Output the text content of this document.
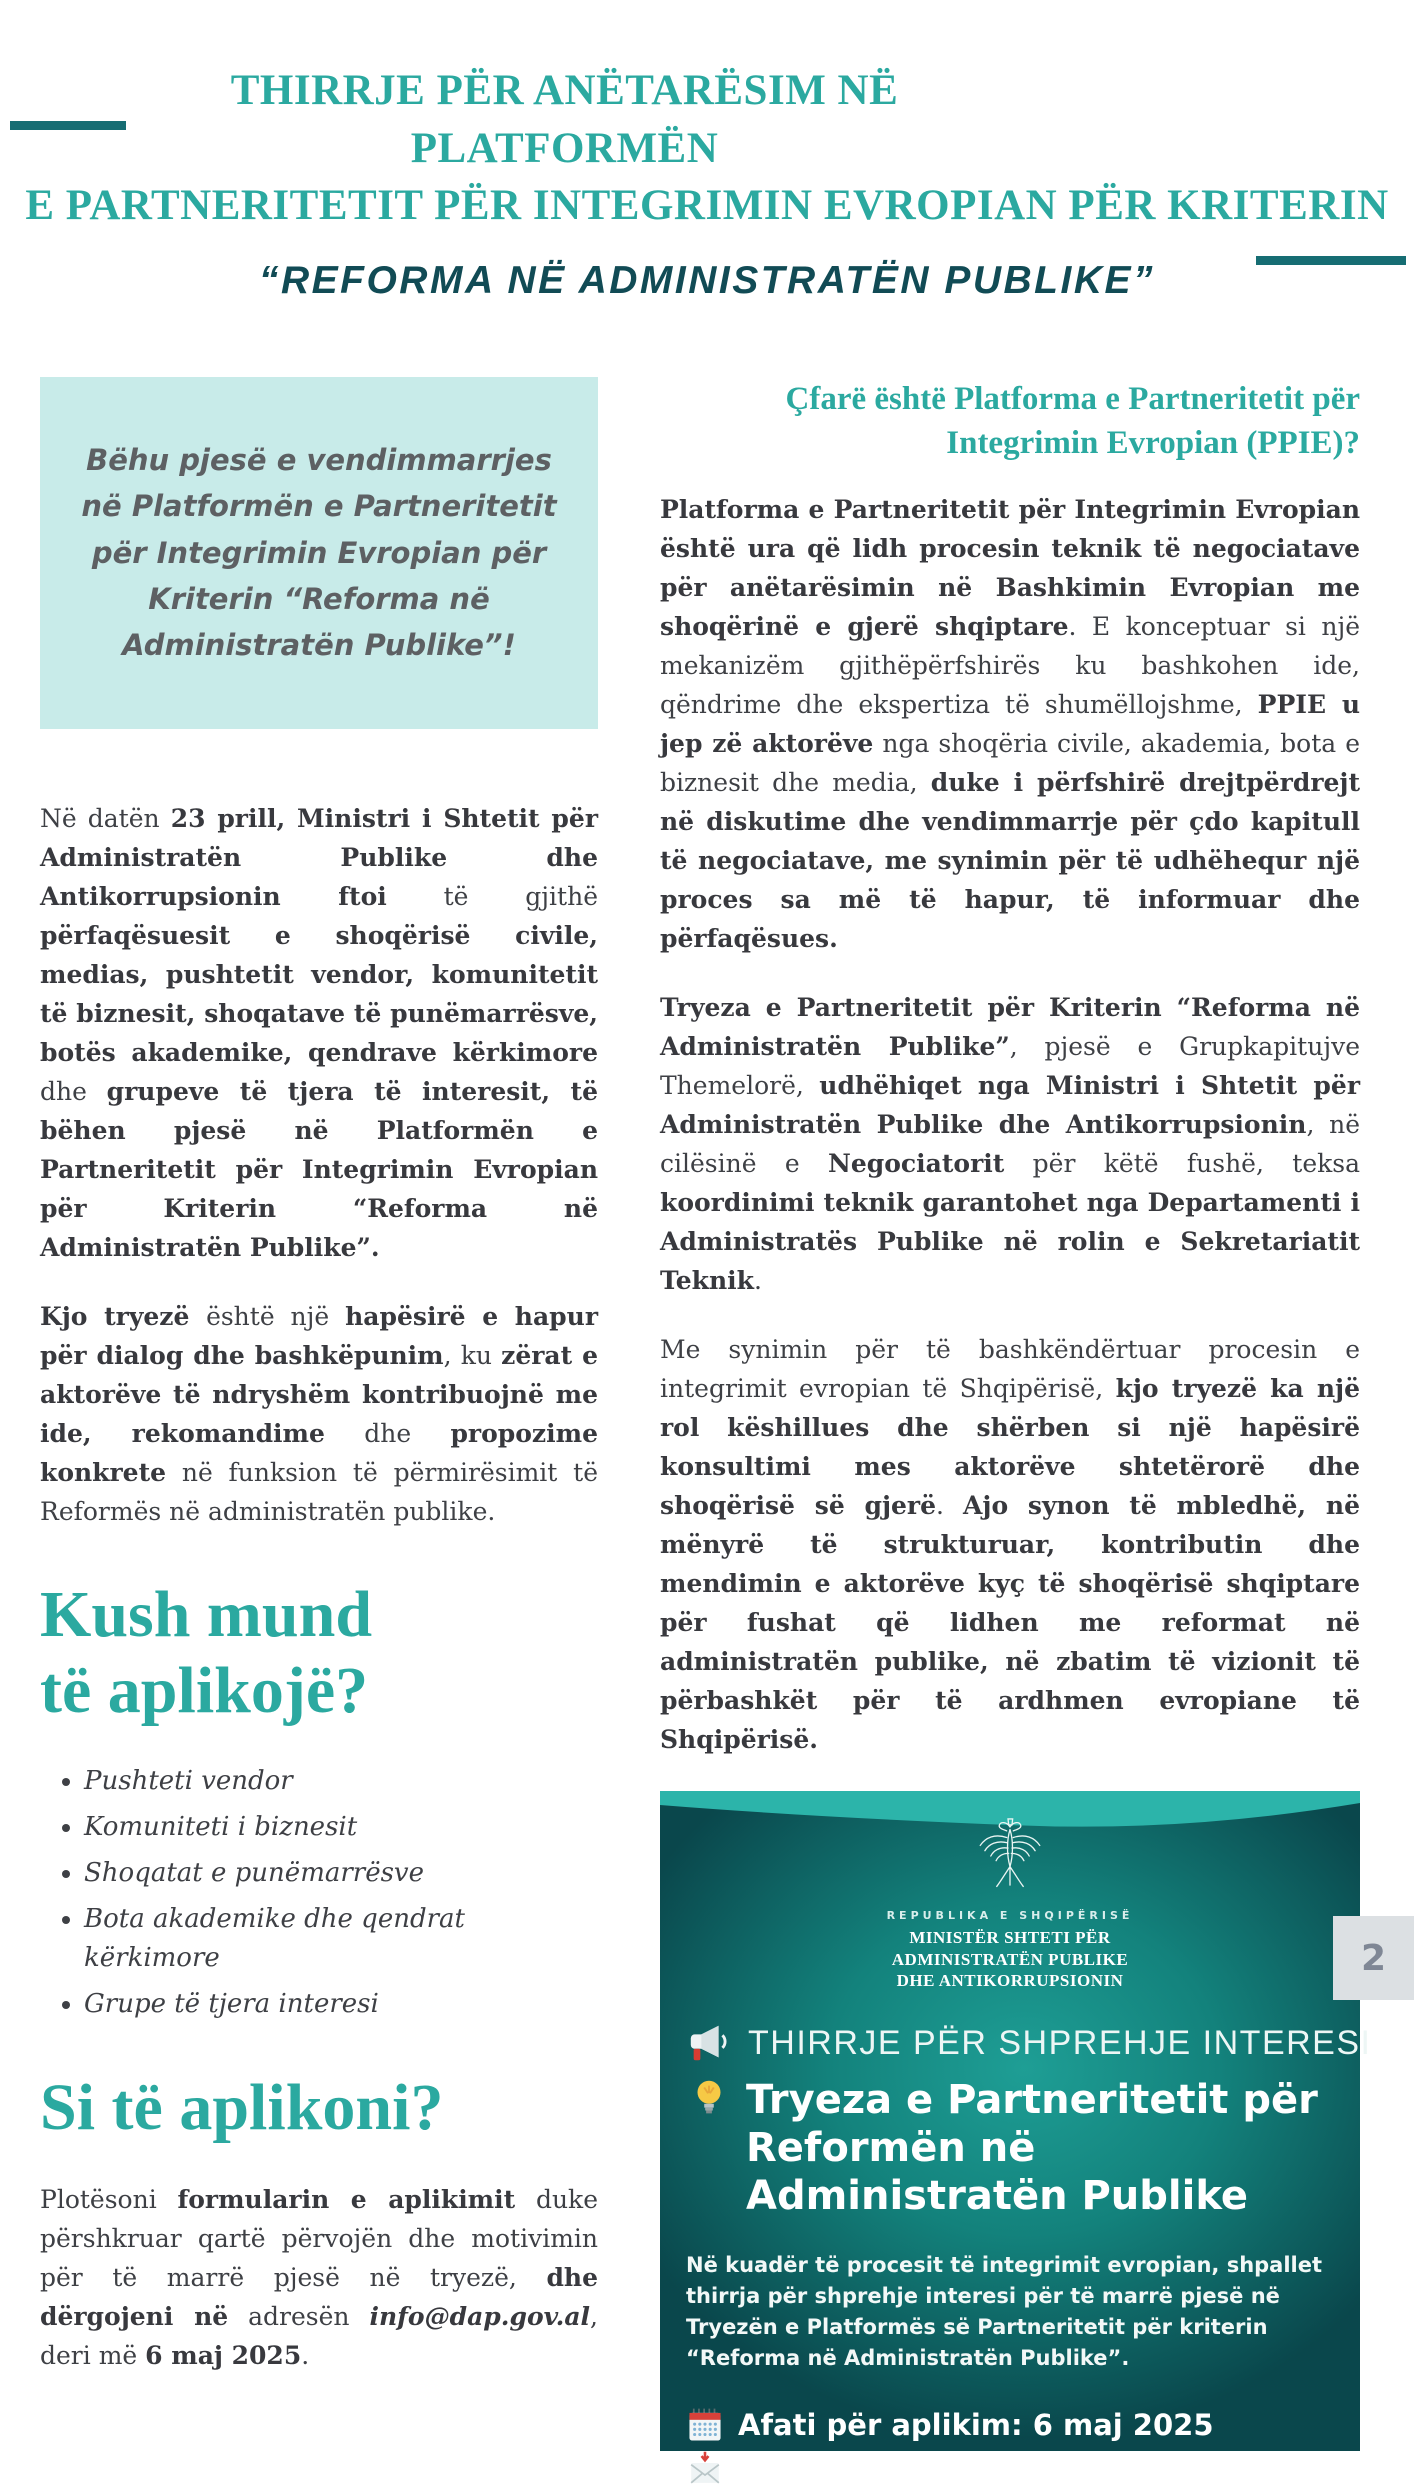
THIRRJE PËR ANËTARËSIM NË PLATFORMËN
E PARTNERITETIT PËR INTEGRIMIN EVROPIAN PËR KRITERIN
“REFORMA NË ADMINISTRATËN PUBLIKE”
Bëhu pjesë e vendimmarrjes në Platformën e Partneritetit për Integrimin Evropian për Kriterin “Reforma në Administratën Publike”!

Në datën 23 prill, Ministri i Shtetit për Administratën Publike dhe Antikorrupsionin ftoi të gjithë përfaqësuesit e shoqërisë civile, medias, pushtetit vendor, komunitetit të biznesit, shoqatave të punëmarrësve, botës akademike, qendrave kërkimore dhe grupeve të tjera të interesit, të bëhen pjesë në Platformën e Partneritetit për Integrimin Evropian për Kriterin “Reforma në Administratën Publike”.

Kjo tryezë është një hapësirë e hapur për dialog dhe bashkëpunim, ku zërat e aktorëve të ndryshëm kontribuojnë me ide, rekomandime dhe propozime konkrete në funksion të përmirësimit të Reformës në administratën publike.

Kush mund
të aplikojë?
• Pushteti vendor
• Komuniteti i biznesit
• Shoqatat e punëmarrësve
• Bota akademike dhe qendrat kërkimore
• Grupe të tjera interesi
Si të aplikoni?

Plotësoni formularin e aplikimit duke përshkruar qartë përvojën dhe motivimin për të marrë pjesë në tryezë, dhe dërgojeni në adresën info@dap.gov.al, deri më 6 maj 2025.

Çfarë është Platforma e Partneritetit për Integrimin Evropian (PPIE)?

Platforma e Partneritetit për Integrimin Evropian është ura që lidh procesin teknik të negociatave për anëtarësimin në Bashkimin Evropian me shoqërinë e gjerë shqiptare. E konceptuar si një mekanizëm gjithëpërfshirës ku bashkohen ide, qëndrime dhe ekspertiza të shumëllojshme, PPIE u jep zë aktorëve nga shoqëria civile, akademia, bota e biznesit dhe media, duke i përfshirë drejtpërdrejt në diskutime dhe vendimmarrje për çdo kapitull të negociatave, me synimin për të udhëhequr një proces sa më të hapur, të informuar dhe përfaqësues.

Tryeza e Partneritetit për Kriterin “Reforma në Administratën Publike”, pjesë e Grupkapitujve Themelorë, udhëhiqet nga Ministri i Shtetit për Administratën Publike dhe Antikorrupsionin, në cilësinë e Negociatorit për këtë fushë, teksa koordinimi teknik garantohet nga Departamenti i Administratës Publike në rolin e Sekretariatit Teknik.

Me synimin për të bashkëndërtuar procesin e integrimit evropian të Shqipërisë, kjo tryezë ka një rol këshillues dhe shërben si një hapësirë konsultimi mes aktorëve shtetërorë dhe shoqërisë së gjerë. Ajo synon të mbledhë, në mënyrë të strukturuar, kontributin dhe mendimin e aktorëve kyç të shoqërisë shqiptare për fushat që lidhen me reformat në administratën publike, në zbatim të vizionit të përbashkët për të ardhmen evropiane të Shqipërisë.

REPUBLIKA E SHQIPËRISË
MINISTËR SHTETI PËR
ADMINISTRATËN PUBLIKE
DHE ANTIKORRUPSIONIN
THIRRJE PËR SHPREHJE INTERESI
Tryeza e Partneritetit për Reformën në Administratën Publike
Në kuadër të procesit të integrimit evropian, shpallet thirrja për shprehje interesi për të marrë pjesë në Tryezën e Platformës së Partneritetit për kriterin “Reforma në Administratën Publike”.
Afati për aplikim: 6 maj 2025
info@dap.gov.al
2
